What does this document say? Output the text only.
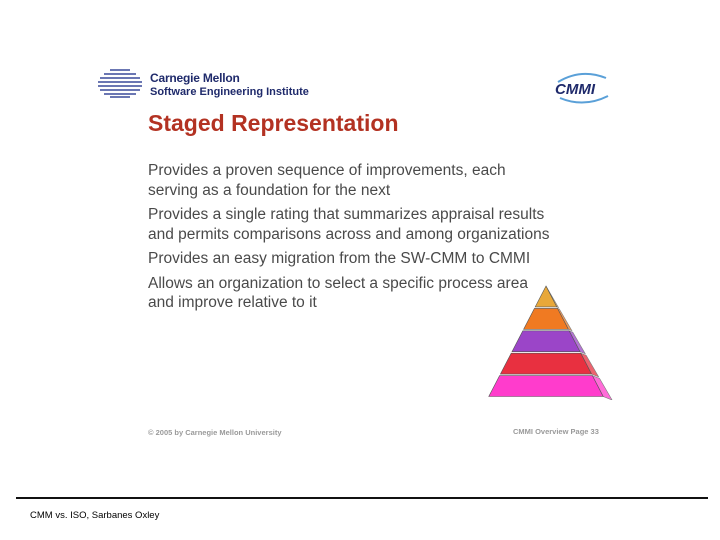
Carnegie Mellon
Software Engineering Institute	CMMI
Staged Representation
Provides a proven sequence of improvements, each serving as a foundation for the next
Provides a single rating that summarizes appraisal results and permits comparisons across and among organizations
Provides an easy migration from the SW-CMM to CMMI
Allows an organization to select a specific process area and improve relative to it
© 2005 by Carnegie Mellon University	CMMI Overview Page 33
CMM vs. ISO, Sarbanes Oxley
